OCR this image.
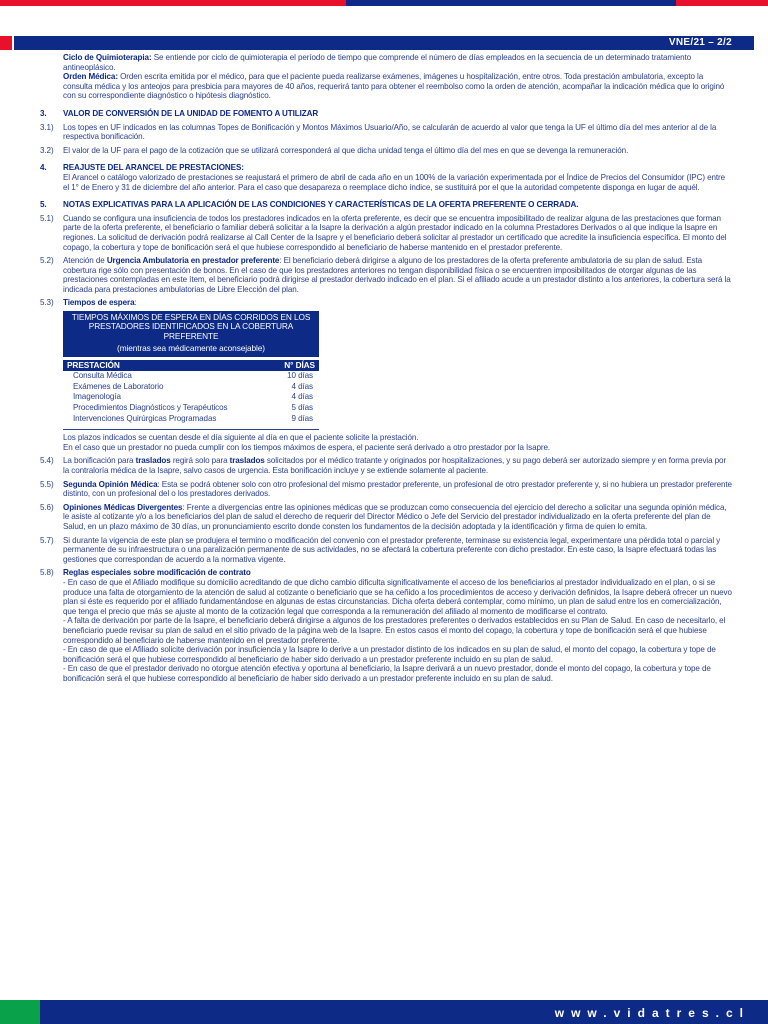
VNE/21 – 2/2

Ciclo de Quimioterapia: Se entiende por ciclo de quimioterapia el período de tiempo que comprende el número de días empleados en la secuencia de un determinado tratamiento antineoplásico.

Orden Médica: Orden escrita emitida por el médico, para que el paciente pueda realizarse exámenes, imágenes u hospitalización, entre otros. Toda prestación ambulatoria, excepto la consulta médica y los anteojos para presbicia para mayores de 40 años, requerirá tanto para obtener el reembolso como la orden de atención, acompañar la indicación médica que lo originó con su correspondiente diagnóstico o hipótesis diagnóstico.

3.	VALOR DE CONVERSIÓN DE LA UNIDAD DE FOMENTO A UTILIZAR
3.1)	Los topes en UF indicados en las columnas Topes de Bonificación y Montos Máximos Usuario/Año, se calcularán de acuerdo al valor que tenga la UF el último día del mes anterior al de la respectiva bonificación.
3.2)	El valor de la UF para el pago de la cotización que se utilizará corresponderá al que dicha unidad tenga el último día del mes en que se devenga la remuneración.
4.	REAJUSTE DEL ARANCEL DE PRESTACIONES:

El Arancel o catálogo valorizado de prestaciones se reajustará el primero de abril de cada año en un 100% de la variación experimentada por el Índice de Precios del Consumidor (IPC) entre el 1° de Enero y 31 de diciembre del año anterior. Para el caso que desapareza o reemplace dicho índice, se sustituirá por el que la autoridad competente disponga en lugar de aquél.

5.	NOTAS EXPLICATIVAS PARA LA APLICACIÓN DE LAS CONDICIONES Y CARACTERÍSTICAS DE LA OFERTA PREFERENTE O CERRADA.
5.1)	Cuando se configura una insuficiencia de todos los prestadores indicados en la oferta preferente, es decir que se encuentra imposibilitado de realizar alguna de las prestaciones que forman parte de la oferta preferente, el beneficiario o familiar deberá solicitar a la Isapre la derivación a algún prestador indicado en la columna Prestadores Derivados o al que indique la Isapre en regiones. La solicitud de derivación podrá realizarse al Call Center de la Isapre y el beneficiario deberá solicitar al prestador un certificado que acredite la insuficiencia específica. El monto del copago, la cobertura y tope de bonificación será el que hubiese correspondido al beneficiario de haberse mantenido en el prestador preferente.
5.2)	Atención de Urgencia Ambulatoria en prestador preferente: El beneficiario deberá dirigirse a alguno de los prestadores de la oferta preferente ambulatoria de su plan de salud. Esta cobertura rige sólo con presentación de bonos. En el caso de que los prestadores anteriores no tengan disponibilidad física o se encuentren imposibilitados de otorgar algunas de las prestaciones contempladas en este ítem, el beneficiario podrá dirigirse al prestador derivado indicado en el plan. Si el afiliado acude a un prestador distinto a los anteriores, la cobertura será la indicada para prestaciones ambulatorias de Libre Elección del plan.
5.3)	Tiempos de espera:
TIEMPOS MÁXIMOS DE ESPERA EN DÍAS CORRIDOS EN LOS PRESTADORES IDENTIFICADOS EN LA COBERTURA PREFERENTE
(mientras sea médicamente aconsejable)
PRESTACIÓN	N° DÍAS
Consulta Médica	10 días
Exámenes de Laboratorio	4 días
Imagenología	4 días
Procedimientos Diagnósticos y Terapéuticos	5 días
Intervenciones Quirúrgicas Programadas	9 días

Los plazos indicados se cuentan desde el día siguiente al día en que el paciente solicite la prestación.

En el caso que un prestador no pueda cumplir con los tiempos máximos de espera, el paciente será derivado a otro prestador por la Isapre.

5.4)	La bonificación para traslados regirá solo para traslados solicitados por el médico tratante y originados por hospitalizaciones, y su pago deberá ser autorizado siempre y en forma previa por la contraloría médica de la Isapre, salvo casos de urgencia. Esta bonificación incluye y se extiende solamente al paciente.
5.5)	Segunda Opinión Médica: Esta se podrá obtener solo con otro profesional del mismo prestador preferente, un profesional de otro prestador preferente y, si no hubiera un prestador preferente distinto, con un profesional del o los prestadores derivados.
5.6)	Opiniones Médicas Divergentes: Frente a divergencias entre las opiniones médicas que se produzcan como consecuencia del ejercicio del derecho a solicitar una segunda opinión médica, le asiste al cotizante y/o a los beneficiarios del plan de salud el derecho de requerir del Director Médico o Jefe del Servicio del prestador individualizado en la oferta preferente del plan de Salud, en un plazo máximo de 30 días, un pronunciamiento escrito donde consten los fundamentos de la decisión adoptada y la identificación y firma de quien lo emita.
5.7)	Si durante la vigencia de este plan se produjera el termino o modificación del convenio con el prestador preferente, terminase su existencia legal, experimentare una pérdida total o parcial y permanente de su infraestructura o una paralización permanente de sus actividades, no se afectará la cobertura preferente con dicho prestador. En este caso, la Isapre efectuará todas las gestiones que correspondan de acuerdo a la normativa vigente.
5.8)	Reglas especiales sobre modificación de contrato

- En caso de que el Afiliado modifique su domicilio acreditando de que dicho cambio dificulta significativamente el acceso de los beneficiarios al prestador individualizado en el plan, o si se produce una falta de otorgamiento de la atención de salud al cotizante o beneficiario que se ha ceñido a los procedimientos de acceso y derivación definidos, la Isapre deberá ofrecer un nuevo plan si éste es requerido por el afiliado fundamentándose en algunas de estas circunstancias. Dicha oferta deberá contemplar, como mínimo, un plan de salud entre los en comercialización, que tenga el precio que más se ajuste al monto de la cotización legal que corresponda a la remuneración del afiliado al momento de modificarse el contrato.

- A falta de derivación por parte de la Isapre, el beneficiario deberá dirigirse a algunos de los prestadores preferentes o derivados establecidos en su Plan de Salud. En caso de necesitarlo, el beneficiario puede revisar su plan de salud en el sitio privado de la página web de la Isapre. En estos casos el monto del copago, la cobertura y tope de bonificación será el que hubiese correspondido al beneficiario de haberse mantenido en el prestador preferente.

- En caso de que el Afiliado solicite derivación por insuficiencia y la Isapre lo derive a un prestador distinto de los indicados en su plan de salud, el monto del copago, la cobertura y tope de bonificación será el que hubiese correspondido al beneficiario de haber sido derivado a un prestador preferente incluido en su plan de salud.

- En caso de que el prestador derivado no otorgue atención efectiva y oportuna al beneficiario, la Isapre derivará a un nuevo prestador, donde el monto del copago, la cobertura y tope de bonificación será el que hubiese correspondido al beneficiario de haber sido derivado a un prestador preferente incluido en su plan de salud.

www.vidatres.cl
